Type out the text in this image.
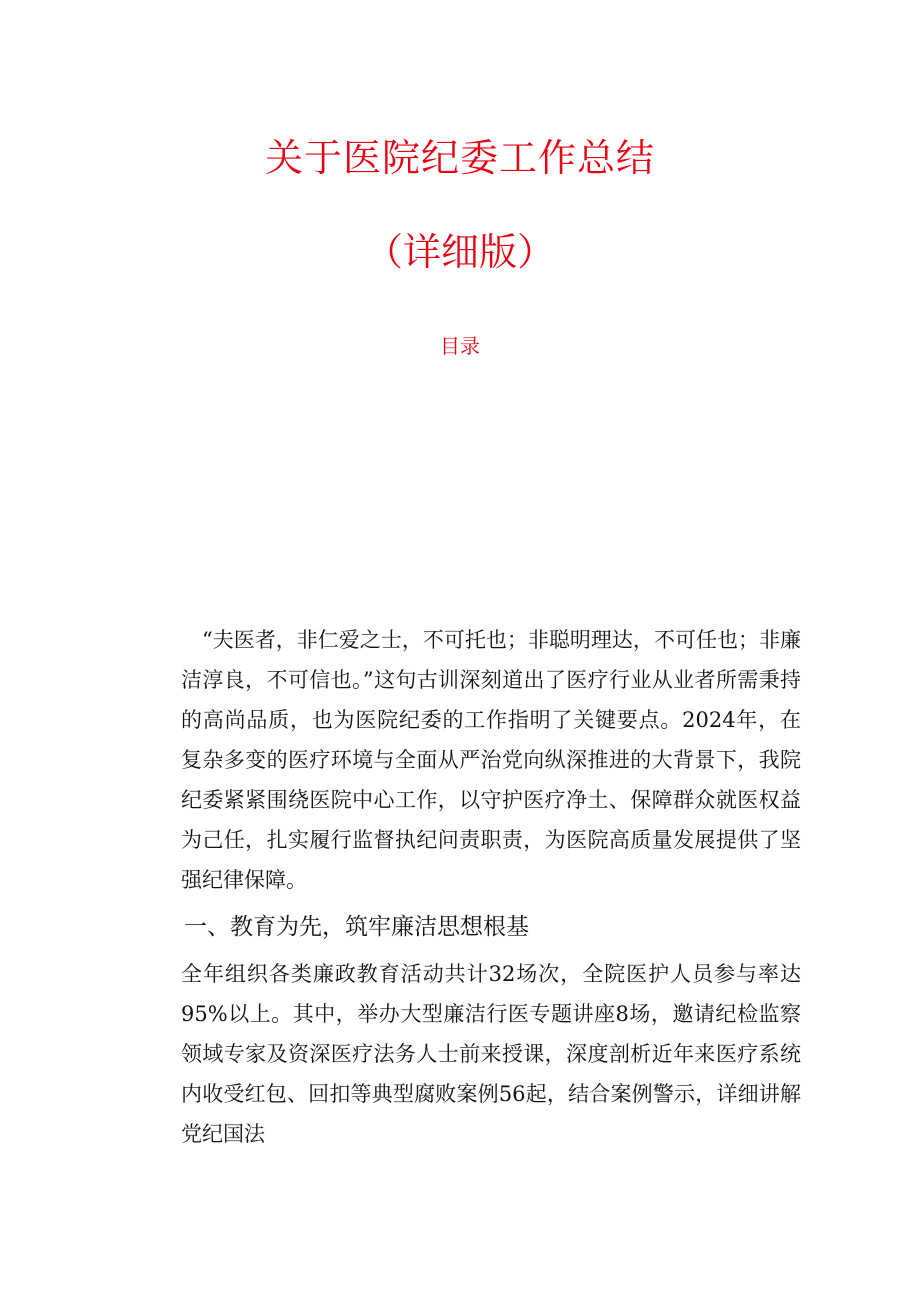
关于医院纪委工作总结
（详细版）
目录

“夫医者，非仁爱之士，不可托也；非聪明理达，不可任也；非廉洁淳良，不可信也。”这句古训深刻道出了医疗行业从业者所需秉持的高尚品质，也为医院纪委的工作指明了关键要点。2024年，在复杂多变的医疗环境与全面从严治党向纵深推进的大背景下，我院纪委紧紧围绕医院中心工作，以守护医疗净土、保障群众就医权益为己任，扎实履行监督执纪问责职责，为医院高质量发展提供了坚强纪律保障。

一、教育为先，筑牢廉洁思想根基

全年组织各类廉政教育活动共计32场次，全院医护人员参与率达95%以上。其中，举办大型廉洁行医专题讲座8场，邀请纪检监察领域专家及资深医疗法务人士前来授课，深度剖析近年来医疗系统内收受红包、回扣等典型腐败案例56起，结合案例警示，详细讲解党纪国法
